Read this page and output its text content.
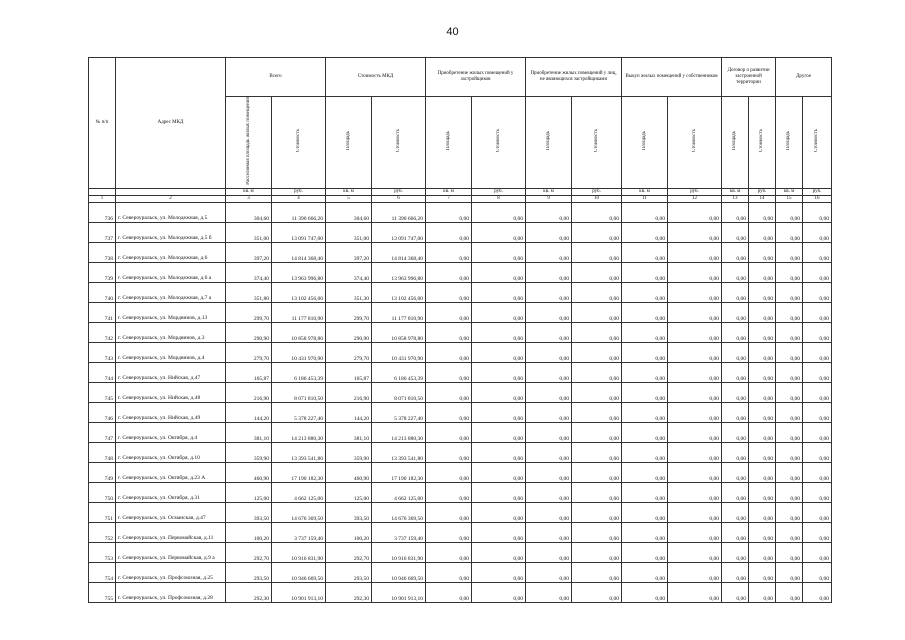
40
№ п/п	Адрес МКД	Всего		Стоимость МКД		Приобретение жилых помещений у застройщиков		Приобретение жилых помещений у лиц, не являющихся застройщиками		Выкуп жилых помещений у собственников		Договор о развитии застроенной территории		Другое	
		Расселяемая площадь жилых помещений	Стоимость	Площадь	Стоимость	Площадь	Стоимость	Площадь	Стоимость	Площадь	Стоимость	Площадь	Стоимость	Площадь	Стоимость
		кв. м	руб.	кв. м	руб.	кв. м	руб.	кв. м	руб.	кв. м	руб.	кв. м	руб.	кв. м	руб.
1	2	3	4	5	6	7	8	9	10	11	12	13	14	15	16
736	г. Североуральск, ул. Молодежная, д.5	304,60	11 390 666,20	304,60	11 390 666,20	0,00	0,00	0,00	0,00	0,00	0,00	0,00	0,00	0,00	0,00
737	г. Североуральск, ул. Молодежная, д.5 б	351,00	13 091 747,00	351,00	13 091 747,00	0,00	0,00	0,00	0,00	0,00	0,00	0,00	0,00	0,00	0,00
738	г. Североуральск, ул. Молодежная, д.6	397,20	14 814 368,40	397,20	14 814 368,40	0,00	0,00	0,00	0,00	0,00	0,00	0,00	0,00	0,00	0,00
739	г. Североуральск, ул. Молодежная, д.6 а	374,40	13 963 996,80	374,40	13 963 996,80	0,00	0,00	0,00	0,00	0,00	0,00	0,00	0,00	0,00	0,00
740	г. Североуральск, ул. Молодежная, д.7 а	351,80	13 102 456,00	351,30	13 102 456,00	0,00	0,00	0,00	0,00	0,00	0,00	0,00	0,00	0,00	0,00
741	г. Североуральск, ул. Мордвинов, д.13	299,70	11 177 810,90	299,70	11 177 810,90	0,00	0,00	0,00	0,00	0,00	0,00	0,00	0,00	0,00	0,00
742	г. Североуральск, ул. Мордвинов, д.3	290,90	10 858 978,80	290,90	10 858 978,80	0,00	0,00	0,00	0,00	0,00	0,00	0,00	0,00	0,00	0,00
743	г. Североуральск, ул. Мордвинов, д.4	279,70	10 431 970,90	279,70	10 431 970,90	0,00	0,00	0,00	0,00	0,00	0,00	0,00	0,00	0,00	0,00
744	г. Североуральск, ул. Нийская, д.47	165,87	6 186 453,39	165,87	6 186 453,39	0,00	0,00	0,00	0,00	0,00	0,00	0,00	0,00	0,00	0,00
745	г. Североуральск, ул. Нийская, д.48	216,90	8 071 810,50	216,90	8 071 810,50	0,00	0,00	0,00	0,00	0,00	0,00	0,00	0,00	0,00	0,00
746	г. Североуральск, ул. Нийская, д.49	144,20	5 378 227,40	144,20	5 378 227,40	0,00	0,00	0,00	0,00	0,00	0,00	0,00	0,00	0,00	0,00
747	г. Североуральск, ул. Октября, д.4	381,10	14 213 880,30	381,10	14 213 880,30	0,00	0,00	0,00	0,00	0,00	0,00	0,00	0,00	0,00	0,00
748	г. Североуральск, ул. Октября, д.10	359,90	13 393 541,80	359,90	13 393 541,80	0,00	0,00	0,00	0,00	0,00	0,00	0,00	0,00	0,00	0,00
749	г. Североуральск, ул. Октября, д.23 А	460,90	17 190 182,30	460,90	17 190 182,30	0,00	0,00	0,00	0,00	0,00	0,00	0,00	0,00	0,00	0,00
750	г. Североуральск, ул. Октября, д.31	125,00	4 662 125,00	125,00	4 662 125,00	0,00	0,00	0,00	0,00	0,00	0,00	0,00	0,00	0,00	0,00
751	г. Североуральск, ул. Османская, д.47	393,50	14 676 369,50	393,50	14 676 369,50	0,00	0,00	0,00	0,00	0,00	0,00	0,00	0,00	0,00	0,00
752	г. Североуральск, ул. Первомайская, д.11	100,20	3 737 159,40	100,20	3 737 159,40	0,00	0,00	0,00	0,00	0,00	0,00	0,00	0,00	0,00	0,00
753	г. Североуральск, ул. Первомайская, д.9 а	292,70	10 916 831,90	292,70	10 916 831,90	0,00	0,00	0,00	0,00	0,00	0,00	0,00	0,00	0,00	0,00
754	г. Североуральск, ул. Профсоюзная, д.25	293,50	10 946 669,50	293,50	10 946 669,50	0,00	0,00	0,00	0,00	0,00	0,00	0,00	0,00	0,00	0,00
755	г. Североуральск, ул. Профсоюзная, д.28	292,30	10 901 913,10	292,30	10 901 913,10	0,00	0,00	0,00	0,00	0,00	0,00	0,00	0,00	0,00	0,00
